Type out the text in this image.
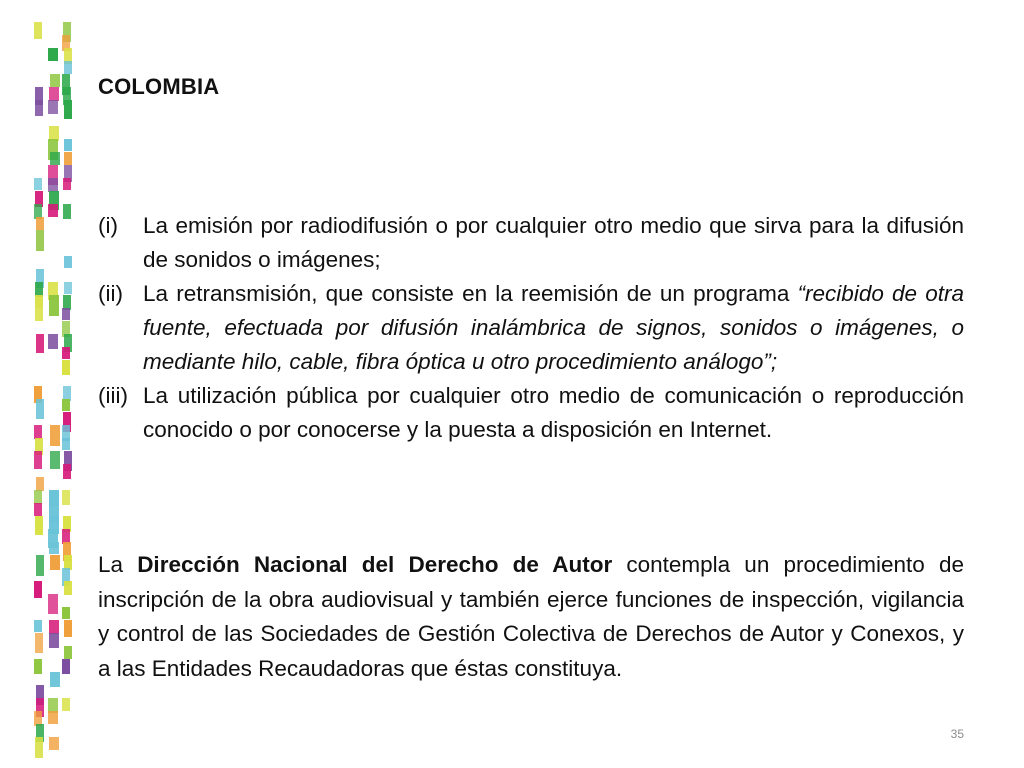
COLOMBIA
(i)	La emisión por radiodifusión o por cualquier otro medio que sirva para la difusión de sonidos o imágenes;
(ii) La retransmisión, que consiste en la reemisión de un programa “recibido de otra fuente, efectuada por difusión inalámbrica de signos, sonidos o imágenes, o mediante hilo, cable, fibra óptica u otro procedimiento análogo”;
(iii) La utilización pública por cualquier otro medio de comunicación o reproducción conocido o por conocerse y la puesta a disposición en Internet.
La Dirección Nacional del Derecho de Autor contempla un procedimiento de inscripción de la obra audiovisual y también ejerce funciones de inspección, vigilancia y control de las Sociedades de Gestión Colectiva de Derechos de Autor y Conexos, y a las Entidades Recaudadoras que éstas constituya.
35
